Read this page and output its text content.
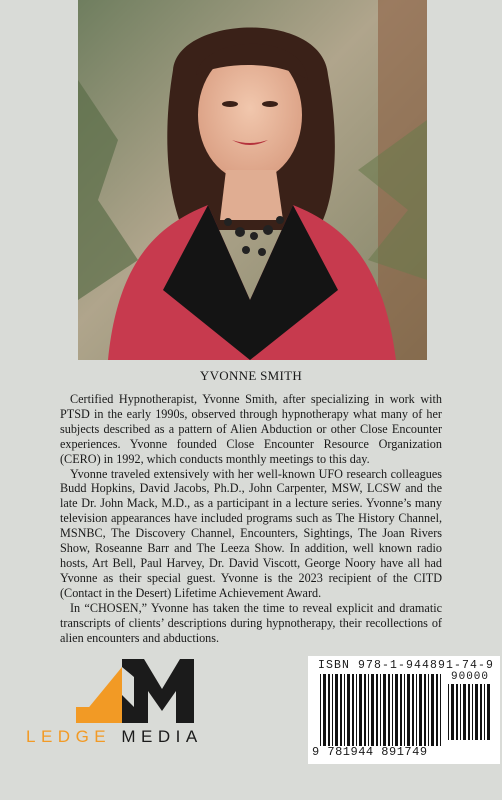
YVONNE SMITH

Certified Hypnotherapist, Yvonne Smith, after specializing in work with PTSD in the early 1990s, observed through hypnotherapy what many of her subjects described as a pattern of Alien Abduction or other Close Encounter experiences. Yvonne founded Close Encounter Resource Organization (CERO) in 1992, which conducts monthly meetings to this day.

Yvonne traveled extensively with her well-known UFO research colleagues Budd Hopkins, David Jacobs, Ph.D., John Carpenter, MSW, LCSW and the late Dr. John Mack, M.D., as a participant in a lecture series. Yvonne’s many television appearances have included programs such as The History Channel, MSNBC, The Discovery Channel, Encounters, Sightings, The Joan Rivers Show, Roseanne Barr and The Leeza Show. In addition, well known radio hosts, Art Bell, Paul Harvey, Dr. David Viscott, George Noory have all had Yvonne as their special guest. Yvonne is the 2023 recipient of the CITD (Contact in the Desert) Lifetime Achievement Award.

In “CHOSEN,” Yvonne has taken the time to reveal explicit and dramatic transcripts of clients’ descriptions during hypnotherapy, their recollections of alien encounters and abductions.

LEDGE MEDIA
ISBN 978-1-944891-74-9
90000
9 781944 891749
